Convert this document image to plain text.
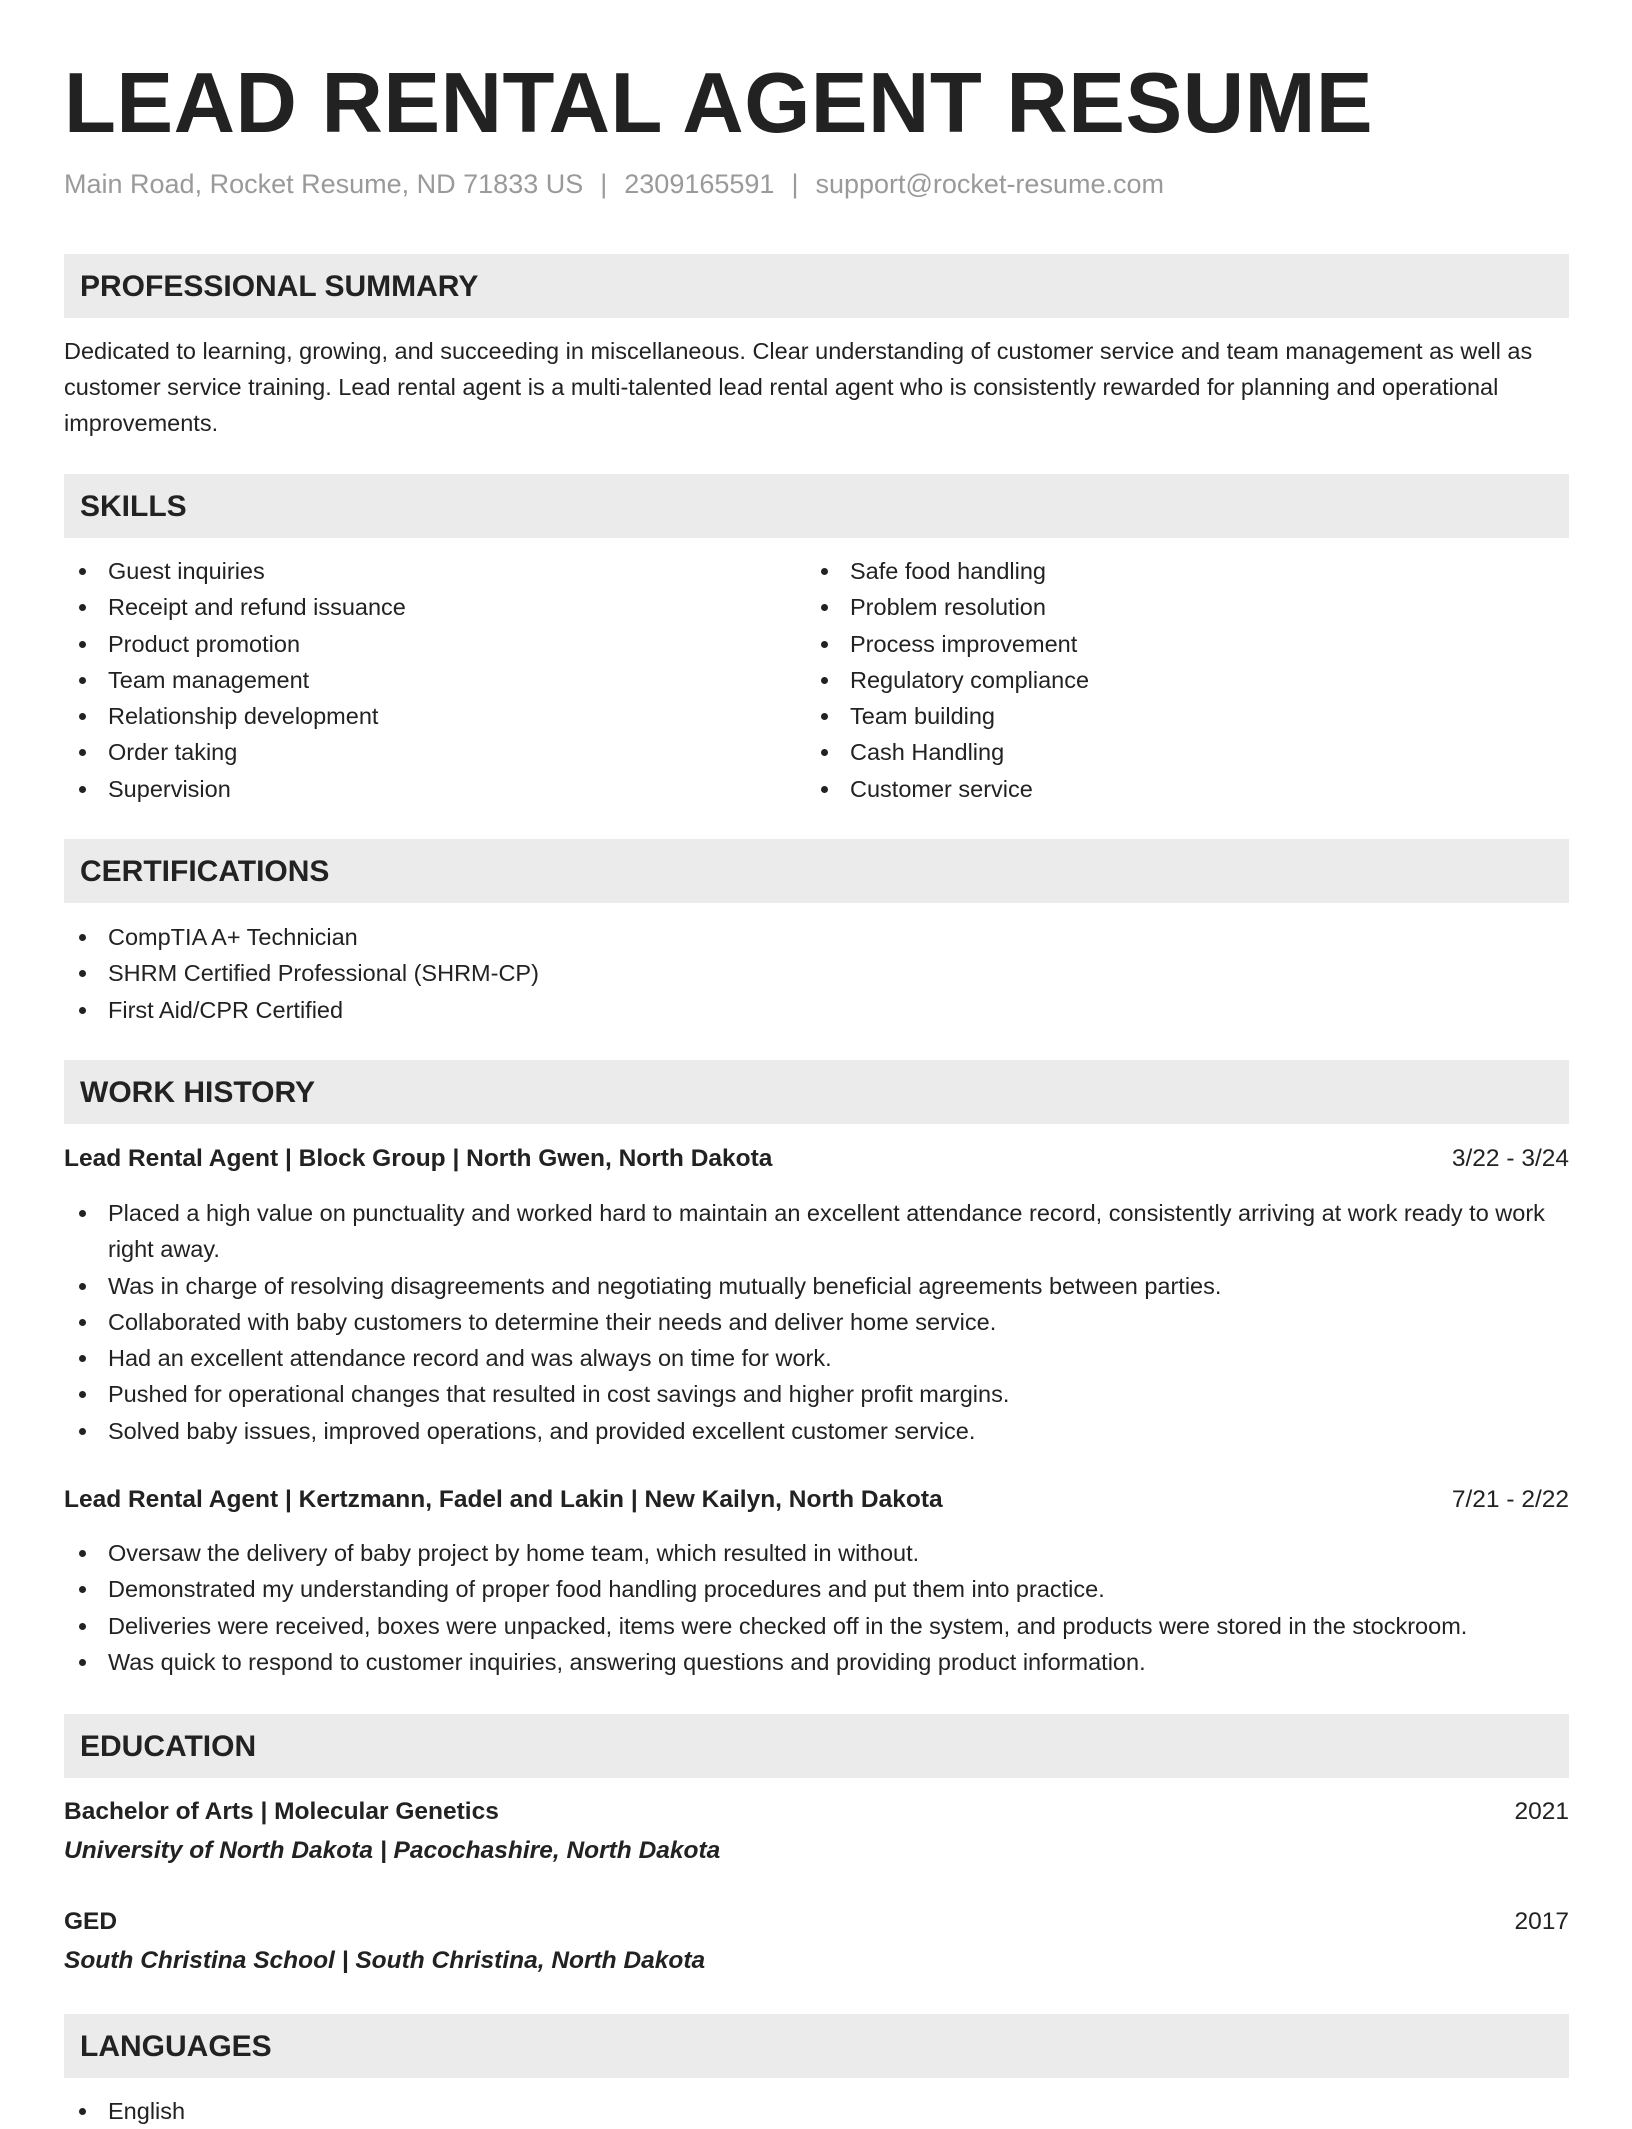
LEAD RENTAL AGENT RESUME
Main Road, Rocket Resume, ND 71833 US | 2309165591 | support@rocket-resume.com
PROFESSIONAL SUMMARY
Dedicated to learning, growing, and succeeding in miscellaneous. Clear understanding of customer service and team management as well as customer service training. Lead rental agent is a multi-talented lead rental agent who is consistently rewarded for planning and operational improvements.
SKILLS
Guest inquiries
Receipt and refund issuance
Product promotion
Team management
Relationship development
Order taking
Supervision
Safe food handling
Problem resolution
Process improvement
Regulatory compliance
Team building
Cash Handling
Customer service
CERTIFICATIONS
CompTIA A+ Technician
SHRM Certified Professional (SHRM-CP)
First Aid/CPR Certified
WORK HISTORY
Lead Rental Agent | Block Group | North Gwen, North Dakota	3/22 - 3/24
Placed a high value on punctuality and worked hard to maintain an excellent attendance record, consistently arriving at work ready to work right away.
Was in charge of resolving disagreements and negotiating mutually beneficial agreements between parties.
Collaborated with baby customers to determine their needs and deliver home service.
Had an excellent attendance record and was always on time for work.
Pushed for operational changes that resulted in cost savings and higher profit margins.
Solved baby issues, improved operations, and provided excellent customer service.
Lead Rental Agent | Kertzmann, Fadel and Lakin | New Kailyn, North Dakota	7/21 - 2/22
Oversaw the delivery of baby project by home team, which resulted in without.
Demonstrated my understanding of proper food handling procedures and put them into practice.
Deliveries were received, boxes were unpacked, items were checked off in the system, and products were stored in the stockroom.
Was quick to respond to customer inquiries, answering questions and providing product information.
EDUCATION
Bachelor of Arts | Molecular Genetics	2021
University of North Dakota | Pacochashire, North Dakota
GED	2017
South Christina School | South Christina, North Dakota
LANGUAGES
English
